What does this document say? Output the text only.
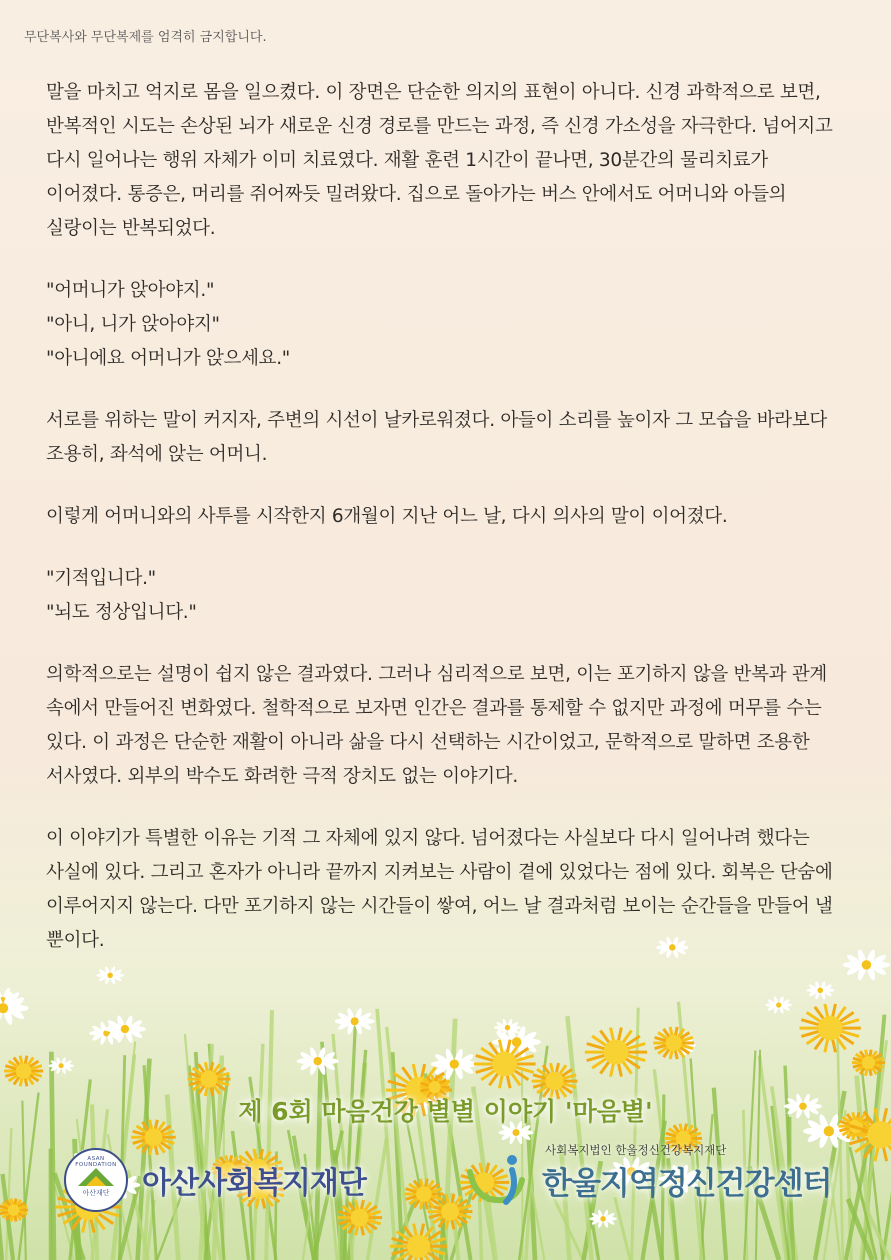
무단복사와 무단복제를 엄격히 금지합니다.

말을 마치고 억지로 몸을 일으켰다. 이 장면은 단순한 의지의 표현이 아니다. 신경 과학적으로 보면, 반복적인 시도는 손상된 뇌가 새로운 신경 경로를 만드는 과정, 즉 신경 가소성을 자극한다. 넘어지고 다시 일어나는 행위 자체가 이미 치료였다. 재활 훈련 1시간이 끝나면, 30분간의 물리치료가 이어졌다. 통증은, 머리를 쥐어짜듯 밀려왔다. 집으로 돌아가는 버스 안에서도 어머니와 아들의 실랑이는 반복되었다.

"어머니가 앉아야지."
"아니, 니가 앉아야지"
"아니에요 어머니가 앉으세요."

서로를 위하는 말이 커지자, 주변의 시선이 날카로워졌다. 아들이 소리를 높이자 그 모습을 바라보다 조용히, 좌석에 앉는 어머니.

이렇게 어머니와의 사투를 시작한지 6개월이 지난 어느 날, 다시 의사의 말이 이어졌다.

"기적입니다."
"뇌도 정상입니다."

의학적으로는 설명이 쉽지 않은 결과였다. 그러나 심리적으로 보면, 이는 포기하지 않을 반복과 관계 속에서 만들어진 변화였다. 철학적으로 보자면 인간은 결과를 통제할 수 없지만 과정에 머무를 수는 있다. 이 과정은 단순한 재활이 아니라 삶을 다시 선택하는 시간이었고, 문학적으로 말하면 조용한 서사였다. 외부의 박수도 화려한 극적 장치도 없는 이야기다.

이 이야기가 특별한 이유는 기적 그 자체에 있지 않다. 넘어졌다는 사실보다 다시 일어나려 했다는 사실에 있다. 그리고 혼자가 아니라 끝까지 지켜보는 사람이 곁에 있었다는 점에 있다. 회복은 단숨에 이루어지지 않는다. 다만 포기하지 않는 시간들이 쌓여, 어느 날 결과처럼 보이는 순간들을 만들어 낼 뿐이다.

제 6회 마음건강 별별 이야기 '마음별'
사회복지법인 한울정신건강복지재단
ASAN FOUNDATION
아산재단	아산사회복지재단	한울지역정신건강센터
